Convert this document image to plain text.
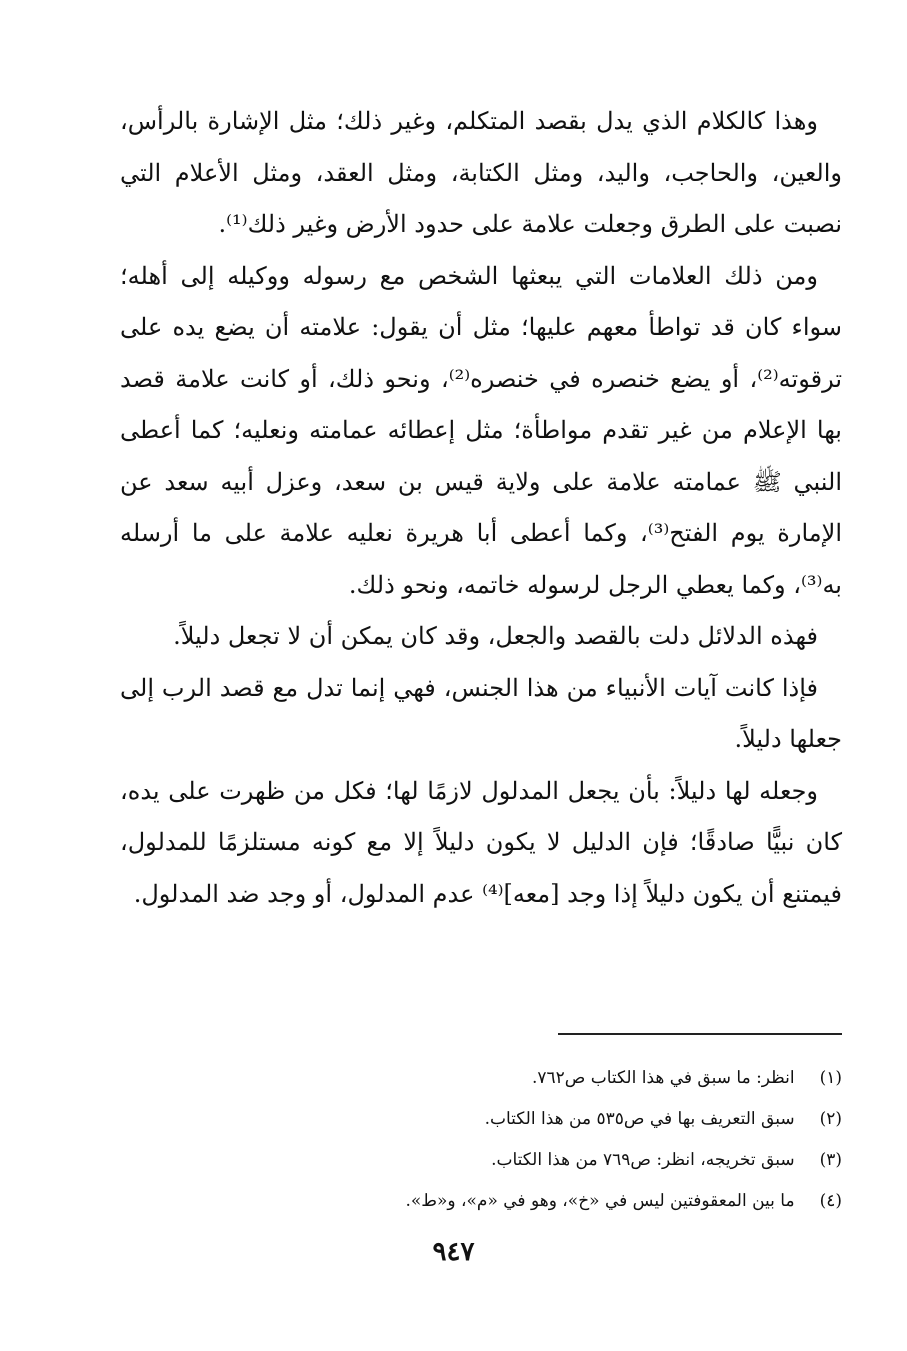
وهذا كالكلام الذي يدل بقصد المتكلم، وغير ذلك؛ مثل الإشارة بالرأس، والعين، والحاجب، واليد، ومثل الكتابة، ومثل العقد، ومثل الأعلام التي نصبت على الطرق وجعلت علامة على حدود الأرض وغير ذلك⁽¹⁾.

ومن ذلك العلامات التي يبعثها الشخص مع رسوله ووكيله إلى أهله؛ سواء كان قد تواطأ معهم عليها؛ مثل أن يقول: علامته أن يضع يده على ترقوته⁽²⁾، أو يضع خنصره في خنصره⁽²⁾، ونحو ذلك، أو كانت علامة قصد بها الإعلام من غير تقدم مواطأة؛ مثل إعطائه عمامته ونعليه؛ كما أعطى النبي ﷺ عمامته علامة على ولاية قيس بن سعد، وعزل أبيه سعد عن الإمارة يوم الفتح⁽³⁾، وكما أعطى أبا هريرة نعليه علامة على ما أرسله به⁽³⁾، وكما يعطي الرجل لرسوله خاتمه، ونحو ذلك.

فهذه الدلائل دلت بالقصد والجعل، وقد كان يمكن أن لا تجعل دليلاً.

فإذا كانت آيات الأنبياء من هذا الجنس، فهي إنما تدل مع قصد الرب إلى جعلها دليلاً.

وجعله لها دليلاً: بأن يجعل المدلول لازمًا لها؛ فكل من ظهرت على يده، كان نبيًّا صادقًا؛ فإن الدليل لا يكون دليلاً إلا مع كونه مستلزمًا للمدلول، فيمتنع أن يكون دليلاً إذا وجد [معه]⁽⁴⁾ عدم المدلول، أو وجد ضد المدلول.

(١) انظر: ما سبق في هذا الكتاب ص٧٦٢.

(٢) سبق التعريف بها في ص٥٣٥ من هذا الكتاب.

(٣) سبق تخريجه، انظر: ص٧٦٩ من هذا الكتاب.

(٤) ما بين المعقوفتين ليس في «خ»، وهو في «م»، و«ط».

٩٤٧
